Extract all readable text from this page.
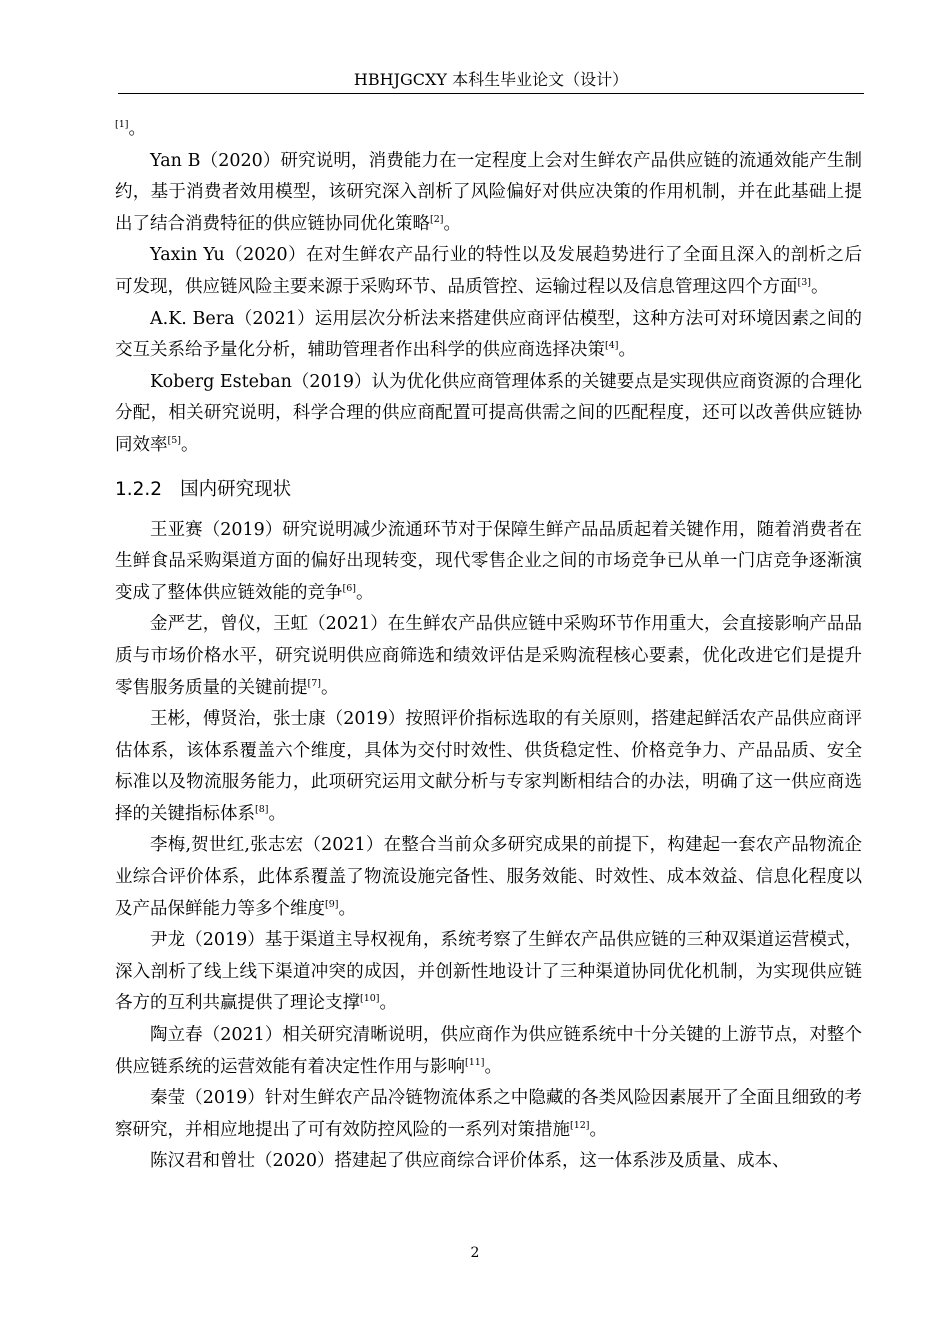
HBHJGCXY 本科生毕业论文（设计）

[1]。

Yan B（2020）研究说明，消费能力在一定程度上会对生鲜农产品供应链的流通效能产生制约，基于消费者效用模型，该研究深入剖析了风险偏好对供应决策的作用机制，并在此基础上提出了结合消费特征的供应链协同优化策略[2]。

Yaxin Yu（2020）在对生鲜农产品行业的特性以及发展趋势进行了全面且深入的剖析之后可发现，供应链风险主要来源于采购环节、品质管控、运输过程以及信息管理这四个方面[3]。

A.K. Bera（2021）运用层次分析法来搭建供应商评估模型，这种方法可对环境因素之间的交互关系给予量化分析，辅助管理者作出科学的供应商选择决策[4]。

Koberg Esteban（2019）认为优化供应商管理体系的关键要点是实现供应商资源的合理化分配，相关研究说明，科学合理的供应商配置可提高供需之间的匹配程度，还可以改善供应链协同效率[5]。

1.2.2 国内研究现状

王亚赛（2019）研究说明减少流通环节对于保障生鲜产品品质起着关键作用，随着消费者在生鲜食品采购渠道方面的偏好出现转变，现代零售企业之间的市场竞争已从单一门店竞争逐渐演变成了整体供应链效能的竞争[6]。

金严艺，曾仪，王虹（2021）在生鲜农产品供应链中采购环节作用重大，会直接影响产品品质与市场价格水平，研究说明供应商筛选和绩效评估是采购流程核心要素，优化改进它们是提升零售服务质量的关键前提[7]。

王彬，傅贤治，张士康（2019）按照评价指标选取的有关原则，搭建起鲜活农产品供应商评估体系，该体系覆盖六个维度，具体为交付时效性、供货稳定性、价格竞争力、产品品质、安全标准以及物流服务能力，此项研究运用文献分析与专家判断相结合的办法，明确了这一供应商选择的关键指标体系[8]。

李梅,贺世红,张志宏（2021）在整合当前众多研究成果的前提下，构建起一套农产品物流企业综合评价体系，此体系覆盖了物流设施完备性、服务效能、时效性、成本效益、信息化程度以及产品保鲜能力等多个维度[9]。

尹龙（2019）基于渠道主导权视角，系统考察了生鲜农产品供应链的三种双渠道运营模式，深入剖析了线上线下渠道冲突的成因，并创新性地设计了三种渠道协同优化机制，为实现供应链各方的互利共赢提供了理论支撑[10]。

陶立春（2021）相关研究清晰说明，供应商作为供应链系统中十分关键的上游节点，对整个供应链系统的运营效能有着决定性作用与影响[11]。

秦莹（2019）针对生鲜农产品冷链物流体系之中隐藏的各类风险因素展开了全面且细致的考察研究，并相应地提出了可有效防控风险的一系列对策措施[12]。

陈汉君和曾壮（2020）搭建起了供应商综合评价体系，这一体系涉及质量、成本、

2
